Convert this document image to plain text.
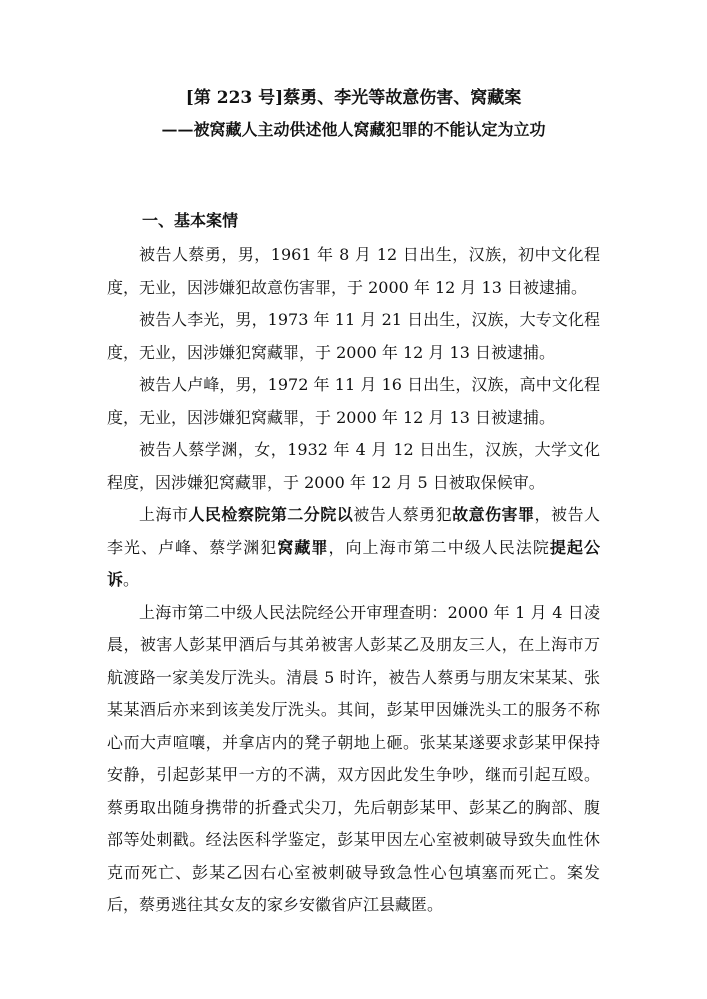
[第 223 号]蔡勇、李光等故意伤害、窝藏案
——被窝藏人主动供述他人窝藏犯罪的不能认定为立功
一、基本案情

被告人蔡勇，男，1961 年 8 月 12 日出生，汉族，初中文化程度，无业，因涉嫌犯故意伤害罪，于 2000 年 12 月 13 日被逮捕。

被告人李光，男，1973 年 11 月 21 日出生，汉族，大专文化程度，无业，因涉嫌犯窝藏罪，于 2000 年 12 月 13 日被逮捕。

被告人卢峰，男，1972 年 11 月 16 日出生，汉族，高中文化程度，无业，因涉嫌犯窝藏罪，于 2000 年 12 月 13 日被逮捕。

被告人蔡学渊，女，1932 年 4 月 12 日出生，汉族，大学文化程度，因涉嫌犯窝藏罪，于 2000 年 12 月 5 日被取保候审。

上海市人民检察院第二分院以被告人蔡勇犯故意伤害罪，被告人李光、卢峰、蔡学渊犯窝藏罪，向上海市第二中级人民法院提起公诉。

上海市第二中级人民法院经公开审理查明：2000 年 1 月 4 日凌晨，被害人彭某甲酒后与其弟被害人彭某乙及朋友三人，在上海市万航渡路一家美发厅洗头。清晨 5 时许，被告人蔡勇与朋友宋某某、张某某酒后亦来到该美发厅洗头。其间，彭某甲因嫌洗头工的服务不称心而大声喧嚷，并拿店内的凳子朝地上砸。张某某遂要求彭某甲保持安静，引起彭某甲一方的不满，双方因此发生争吵，继而引起互殴。蔡勇取出随身携带的折叠式尖刀，先后朝彭某甲、彭某乙的胸部、腹部等处刺戳。经法医科学鉴定，彭某甲因左心室被刺破导致失血性休克而死亡、彭某乙因右心室被刺破导致急性心包填塞而死亡。案发后，蔡勇逃往其女友的家乡安徽省庐江县藏匿。
